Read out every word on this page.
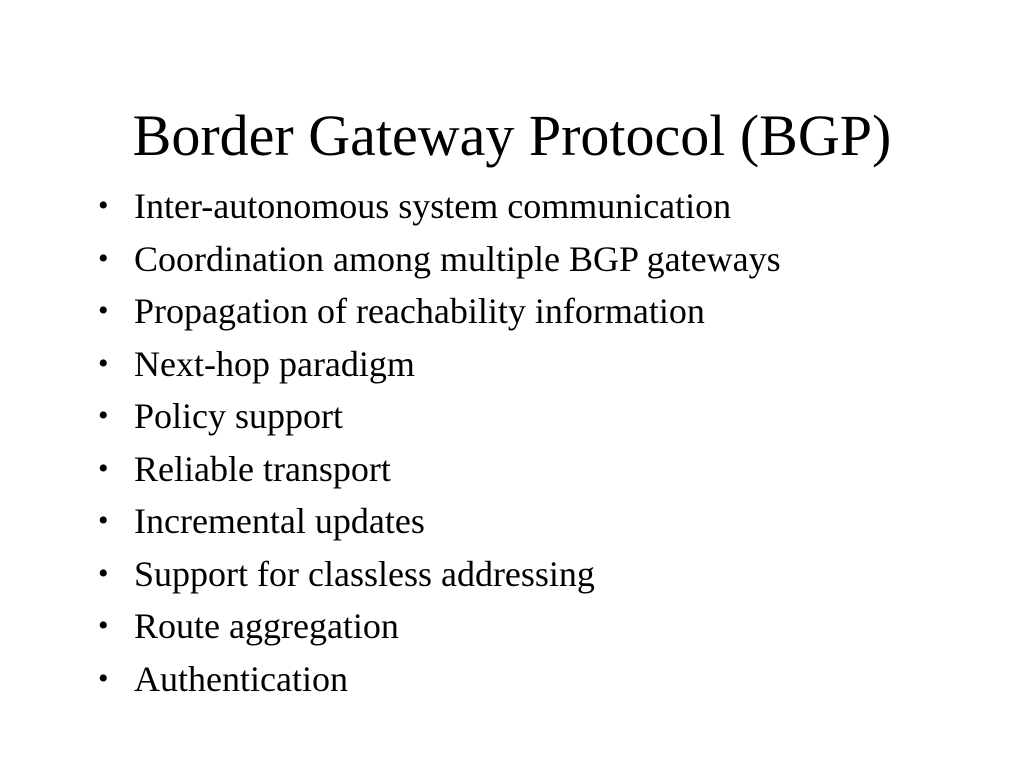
Border Gateway Protocol (BGP)
• Inter-autonomous system communication
• Coordination among multiple BGP gateways
• Propagation of reachability information
• Next-hop paradigm
• Policy support
• Reliable transport
• Incremental updates
• Support for classless addressing
• Route aggregation
• Authentication
